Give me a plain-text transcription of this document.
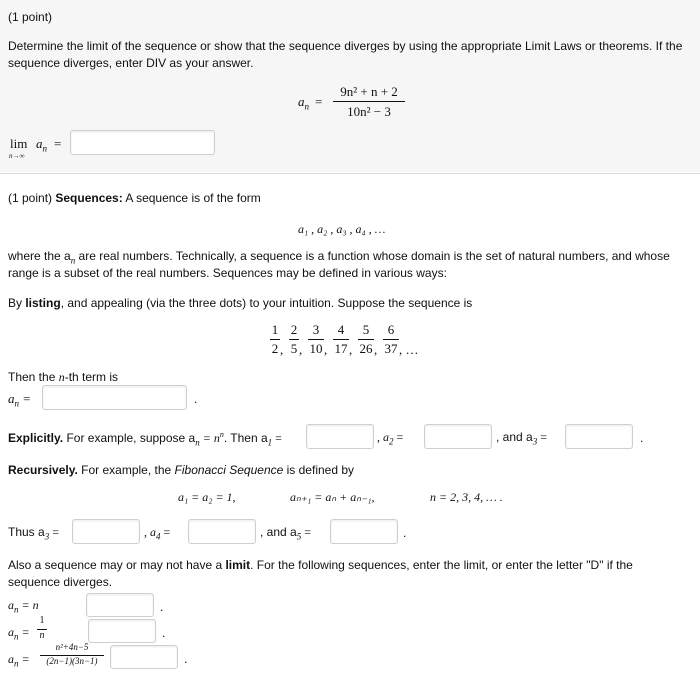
(1 point)
Determine the limit of the sequence or show that the sequence diverges by using the appropriate Limit Laws or theorems. If the sequence diverges, enter DIV as your answer.
$a_n$ =
9n² + n + 2
10n² − 3
lim
n→∞
$a_n$ =
(1 point) Sequences: A sequence is of the form
a₁ , a₂ , a₃ , a₄ , …
where the $a_n$ are real numbers. Technically, a sequence is a function whose domain is the set of natural numbers, and whose
range is a subset of the real numbers. Sequences may be defined in various ways:
By listing, and appealing (via the three dots) to your intuition. Suppose the sequence is
1
2 ,
2
5 ,
3
10 ,
4
17 ,
5
26 ,
6
37 , …
Then the n-th term is
$a_n$ =	.
Explicitly. For example, suppose $a_n = n^n$. Then $a_1$ =	, $a_2$ =	, and $a_3$ =	.
Recursively. For example, the Fibonacci Sequence is defined by
a₁ = a₂ = 1,	aₙ₊₁ = aₙ + aₙ₋₁,	n = 2, 3, 4, … .
Thus $a_3$ =	, $a_4$ =	, and $a_5$ =	.
Also a sequence may or may not have a limit. For the following sequences, enter the limit, or enter the letter "D" if the
sequence diverges.
$a_n = n$	.
$a_n$ =
1
n	.
$a_n$ =
n²+4n−5
(2n−1)(3n−1)	.
